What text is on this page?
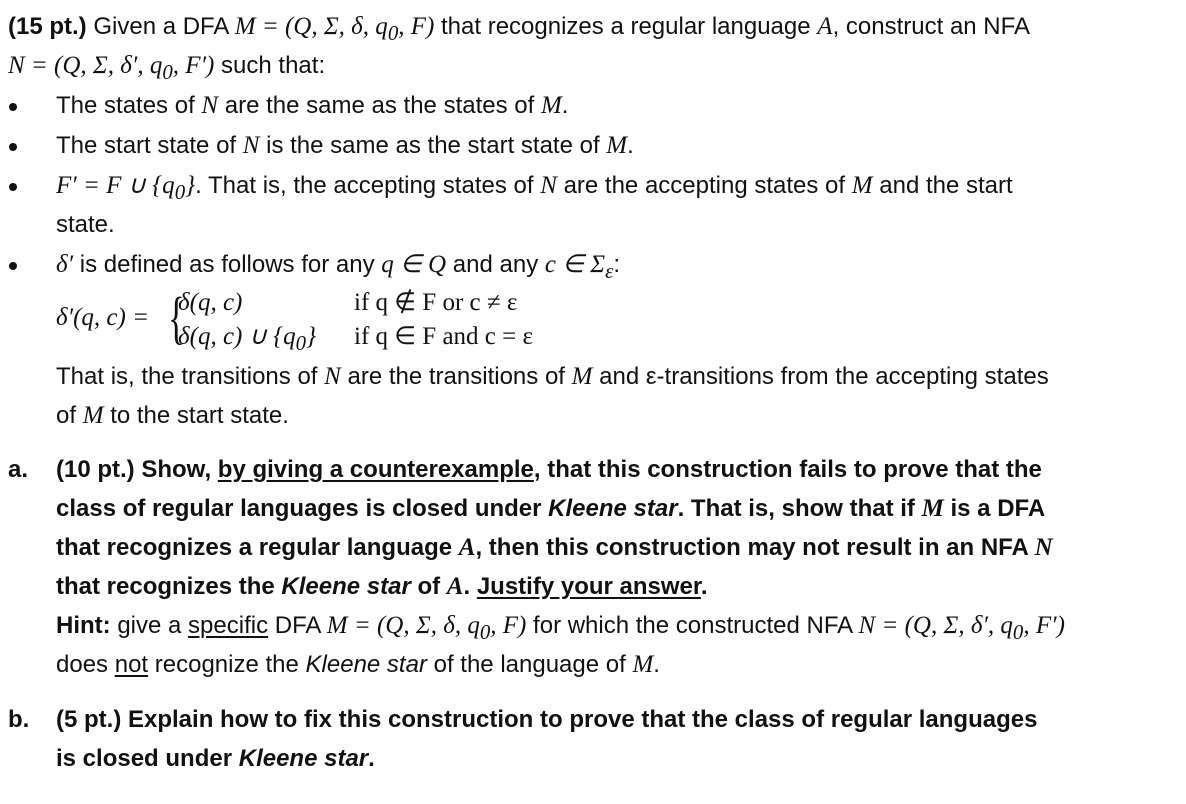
(15 pt.) Given a DFA M = (Q, Σ, δ, $q_0$, F) that recognizes a regular language A, construct an NFA
N = (Q, Σ, δ′, $q_0$, F′) such that:
The states of N are the same as the states of M.
The start state of N is the same as the start state of M.
F′ = F ∪ $\{q_0\}$. That is, the accepting states of N are the accepting states of M and the start
state.
δ′ is defined as follows for any q ∈ Q and any c ∈ $\Sigma_\varepsilon$:
δ′(q, c) = {
δ(q, c)	if q ∉ F or c ≠ ε
δ(q, c) ∪ $\{q_0\}$ if q ∈ F and c = ε
That is, the transitions of N are the transitions of M and ε-transitions from the accepting states
of M to the start state.
a. (10 pt.) Show, by giving a counterexample, that this construction fails to prove that the
class of regular languages is closed under Kleene star. That is, show that if M is a DFA
that recognizes a regular language A, then this construction may not result in an NFA N
that recognizes the Kleene star of A. Justify your answer.
Hint: give a specific DFA M = (Q, Σ, δ, $q_0$, F) for which the constructed NFA N = (Q, Σ, δ′, $q_0$, F′)
does not recognize the Kleene star of the language of M.
b. (5 pt.) Explain how to fix this construction to prove that the class of regular languages
is closed under Kleene star.
